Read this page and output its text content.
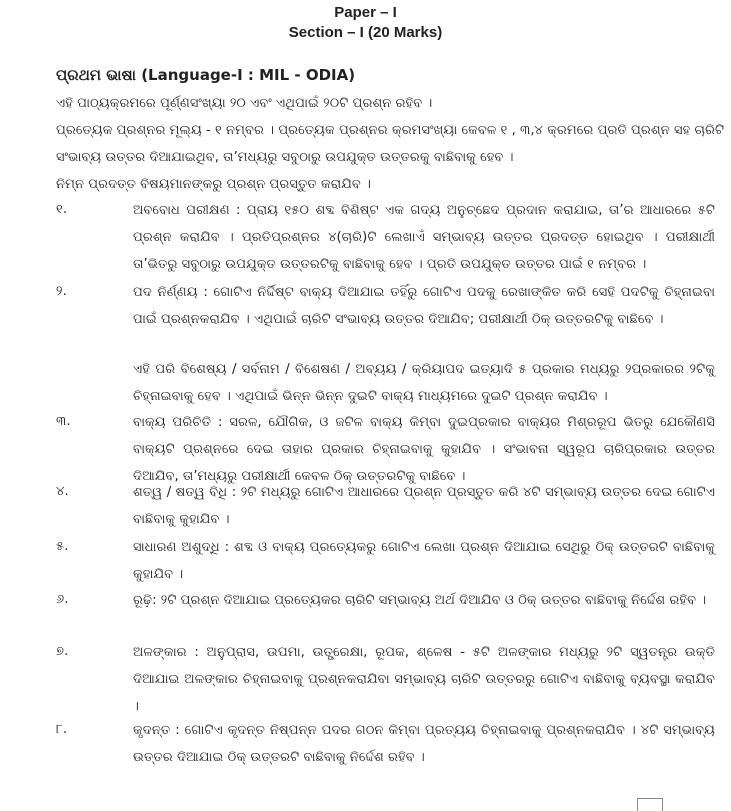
Paper – I
Section – I (20 Marks)
ପ୍ରଥମ ଭାଷା (Language-I : MIL - ODIA)
ଏହି ପାଠ୍ୟକ୍ରମରେ ପୂର୍ଣ୍ଣସଂଖ୍ୟା ୨୦ ଏବଂ ଏଥିପାଇଁ ୨୦ଟି ପ୍ରଶ୍ନ ରହିବ ।
ପ୍ରତ୍ୟେକ ପ୍ରଶ୍ନର ମୂଲ୍ୟ - ୧ ନମ୍ବର । ପ୍ରତ୍ୟେକ ପ୍ରଶ୍ନର କ୍ରମସଂଖ୍ୟା କେବଳ ୧ , ୩,୪ କ୍ରମରେ ପ୍ରତି ପ୍ରଶ୍ନ ସହ ଚାରିଟି
ସଂଭାବ୍ୟ ଉତ୍ତର ଦିଆଯାଇଥିବ, ତା’ମଧ୍ୟରୁ ସବୁଠାରୁ ଉପଯୁକ୍ତ ଉତ୍ତରକୁ ବାଛିବାକୁ ହେବ ।
ନିମ୍ନ ପ୍ରଦତ୍ତ ବିଷୟମାନଙ୍କରୁ ପ୍ରଶ୍ନ ପ୍ରସ୍ତୁତ କରାଯିବ ।
୧.	ଅବବୋଧ ପରୀକ୍ଷଣ : ପ୍ରାୟ ୧୫୦ ଶବ୍ଦ ବିଶିଷ୍ଟ ଏକ ଗଦ୍ୟ ଅନୁଚ୍ଛେଦ ପ୍ରଦାନ କରାଯାଇ, ତା’ର ଆଧାରରେ ୫ଟି ପ୍ରଶ୍ନ କରାଯିବ । ପ୍ରତିପ୍ରଶ୍ନର ୪(ଚାରି)ଟି ଲେଖାଏଁ ସମ୍ଭାବ୍ୟ ଉତ୍ତର ପ୍ରଦତ୍ତ ହୋଇଥିବ । ପରୀକ୍ଷାର୍ଥୀ ତା’ଭିତରୁ ସବୁଠାରୁ ଉପଯୁକ୍ତ ଉତ୍ତରଟିକୁ ବାଛିବାକୁ ହେବ । ପ୍ରତି ଉପଯୁକ୍ତ ଉତ୍ତର ପାଇଁ ୧ ନମ୍ବର ।
୨.	ପଦ ନିର୍ଣ୍ଣୟ : ଗୋଟିଏ ନିର୍ଦ୍ଦିଷ୍ଟ ବାକ୍ୟ ଦିଆଯାଇ ତହିଁରୁ ଗୋଟିଏ ପଦକୁ ରେଖାଙ୍କିତ କରି ସେହି ପଦଟିକୁ ଚିହ୍ନାଇବା ପାଇଁ ପ୍ରଶ୍ନକରାଯିବ । ଏଥିପାଇଁ ଚାରିଟି ସଂଭାବ୍ୟ ଉତ୍ତର ଦିଆଯିବ; ପରୀକ୍ଷାର୍ଥୀ ଠିକ୍ ଉତ୍ତରଟିକୁ ବାଛିବେ ।
ଏହି ପରି ବିଶେଷ୍ୟ / ସର୍ବନାମ / ବିଶେଷଣ / ଅବ୍ୟୟ / କ୍ରିୟାପଦ ଇତ୍ୟାଦି ୫ ପ୍ରକାର ମଧ୍ୟରୁ ୨ପ୍ରକାରର ୨ଟିକୁ ଚିହ୍ନାଇବାକୁ ହେବ । ଏଥିପାଇଁ ଭିନ୍ନ ଭିନ୍ନ ଦୁଇଟି ବାକ୍ୟ ମାଧ୍ୟମରେ ଦୁଇଟି ପ୍ରଶ୍ନ କରାଯିବ ।
୩.	ବାକ୍ୟ ପରିଚିତି : ସରଳ, ଯୌଗିକ, ଓ ଜଟିଳ ବାକ୍ୟ କିମ୍ବା ଦୁଇପ୍ରକାର ବାକ୍ୟର ମିଶ୍ରରୂପ ଭିତରୁ ଯେକୌଣସି ବାକ୍ୟଟି ପ୍ରଶ୍ନରେ ଦେଇ ତାହାର ପ୍ରକାର ଚିହ୍ନାଇବାକୁ କୁହାଯିବ । ସଂଭାବନା ସ୍ୱରୂପ ଚାରିପ୍ରକାର ଉତ୍ତର ଦିଆଯିବ, ତା’ମଧ୍ୟରୁ ପରୀକ୍ଷାର୍ଥୀ କେବଳ ଠିକ୍ ଉତ୍ତରଟିକୁ ବାଛିବେ ।
୪.	ଶତ୍ୱ / ଷତ୍ୱ ବିଧି : ୨ଟି ମଧ୍ୟରୁ ଗୋଟିଏ ଆଧାରରେ ପ୍ରଶ୍ନ ପ୍ରସ୍ତୁତ କରି ୪ଟି ସମ୍ଭାବ୍ୟ ଉତ୍ତର ଦେଇ ଗୋଟିଏ ବାଛିବାକୁ କୁହାଯିବ ।
୫.	ସାଧାରଣ ଅଶୁଦ୍ଧି : ଶବ୍ଦ ଓ ବାକ୍ୟ ପ୍ରତ୍ୟେକରୁ ଗୋଟିଏ ଲେଖା ପ୍ରଶ୍ନ ଦିଆଯାଇ ସେଥିରୁ ଠିକ୍ ଉତ୍ତରଟି ବାଛିବାକୁ କୁହାଯିବ ।
୬.	ରୂଢ଼ି: ୨ଟି ପ୍ରଶ୍ନ ଦିଆଯାଇ ପ୍ରତ୍ୟେକର ଚାରିଟି ସମ୍ଭାବ୍ୟ ଅର୍ଥ ଦିଆଯିବ ଓ ଠିକ୍ ଉତ୍ତର ବାଛିବାକୁ ନିର୍ଦ୍ଦେଶ ରହିବ ।
୭.	ଅଳଙ୍କାର : ଅନୁପ୍ରାସ, ଉପମା, ଉତ୍ପ୍ରେକ୍ଷା, ରୂପକ, ଶ୍ଳେଷ - ୫ଟି ଅଳଙ୍କାର ମଧ୍ୟରୁ ୨ଟି ସ୍ୱତନ୍ତ୍ର ଉକ୍ତି ଦିଆଯାଇ ଅଳଙ୍କାର ଚିହ୍ନାଇବାକୁ ପ୍ରଶ୍ନକରାଯିବା ସମ୍ଭାବ୍ୟ ଚାରିଟି ଉତ୍ତରରୁ ଗୋଟିଏ ବାଛିବାକୁ ବ୍ୟବସ୍ଥା କରାଯିବ ।
୮.	କୃଦନ୍ତ : ଗୋଟିଏ କୃଦନ୍ତ ନିଷ୍ପନ୍ନ ପଦର ଗଠନ କିମ୍ବା ପ୍ରତ୍ୟୟ ଚିହ୍ନାଇବାକୁ ପ୍ରଶ୍ନକରାଯିବ । ୪ଟି ସମ୍ଭାବ୍ୟ ଉତ୍ତର ଦିଆଯାଇ ଠିକ୍ ଉତ୍ତରଟି ବାଛିବାକୁ ନିର୍ଦ୍ଦେଶ ରହିବ ।
